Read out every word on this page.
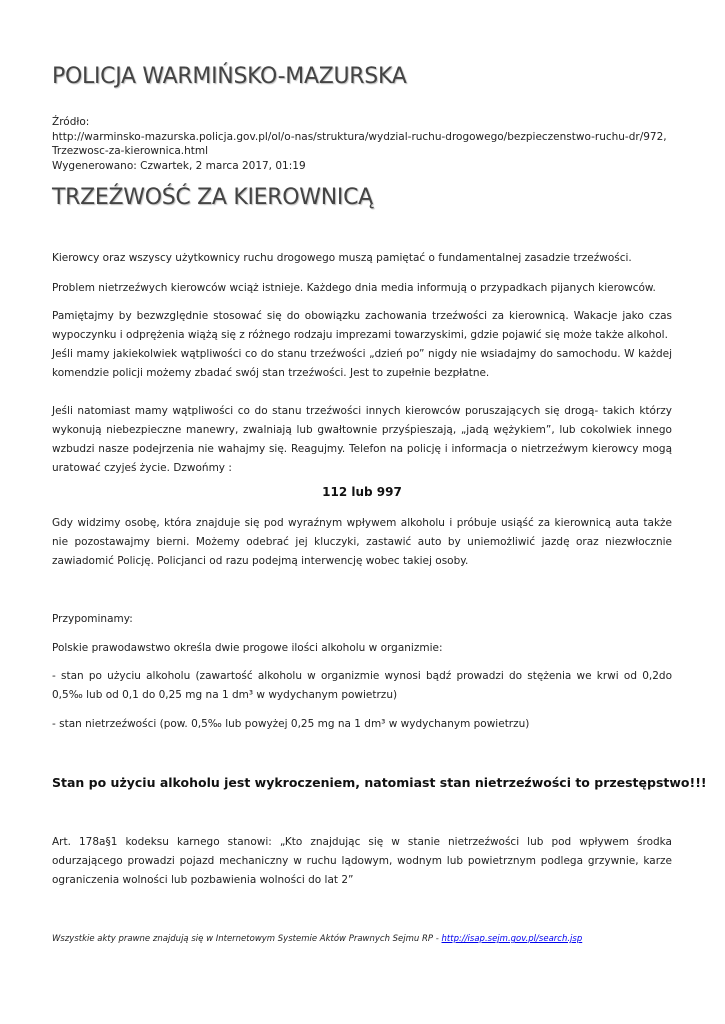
POLICJA WARMIŃSKO-MAZURSKA
Źródło:
http://warminsko-mazurska.policja.gov.pl/ol/o-nas/struktura/wydzial-ruchu-drogowego/bezpieczenstwo-ruchu-dr/972,Trzezwosc-za-kierownica.html
Wygenerowano: Czwartek, 2 marca 2017, 01:19
TRZEŹWOŚĆ ZA KIEROWNICĄ

Kierowcy oraz wszyscy użytkownicy ruchu drogowego muszą pamiętać o fundamentalnej zasadzie trzeźwości.

Problem nietrzeźwych kierowców wciąż istnieje. Każdego dnia media informują o przypadkach pijanych kierowców.

Pamiętajmy by bezwzględnie stosować się do obowiązku zachowania trzeźwości za kierownicą. Wakacje jako czas wypoczynku i odprężenia wiążą się z różnego rodzaju imprezami towarzyskimi, gdzie pojawić się może także alkohol.

Jeśli mamy jakiekolwiek wątpliwości co do stanu trzeźwości „dzień po” nigdy nie wsiadajmy do samochodu. W każdej komendzie policji możemy zbadać swój stan trzeźwości. Jest to zupełnie bezpłatne.

Jeśli natomiast mamy wątpliwości co do stanu trzeźwości innych kierowców poruszających się drogą- takich którzy wykonują niebezpieczne manewry, zwalniają lub gwałtownie przyśpieszają, „jadą wężykiem”, lub cokolwiek innego wzbudzi nasze podejrzenia nie wahajmy się. Reagujmy. Telefon na policję i informacja o nietrzeźwym kierowcy mogą uratować czyjeś życie. Dzwońmy :

112 lub 997

Gdy widzimy osobę, która znajduje się pod wyraźnym wpływem alkoholu i próbuje usiąść za kierownicą auta także nie pozostawajmy bierni. Możemy odebrać jej kluczyki, zastawić auto by uniemożliwić jazdę oraz niezwłocznie zawiadomić Policję. Policjanci od razu podejmą interwencję wobec takiej osoby.

Przypominamy:

Polskie prawodawstwo określa dwie progowe ilości alkoholu w organizmie:

- stan po użyciu alkoholu (zawartość alkoholu w organizmie wynosi bądź prowadzi do stężenia we krwi od 0,2do 0,5‰ lub od 0,1 do 0,25 mg na 1 dm³ w wydychanym powietrzu)

- stan nietrzeźwości (pow. 0,5‰ lub powyżej 0,25 mg na 1 dm³ w wydychanym powietrzu)

Stan po użyciu alkoholu jest wykroczeniem, natomiast stan nietrzeźwości to przestępstwo!!!

Art. 178a§1 kodeksu karnego stanowi: „Kto znajdując się w stanie nietrzeźwości lub pod wpływem środka odurzającego prowadzi pojazd mechaniczny w ruchu lądowym, wodnym lub powietrznym podlega grzywnie, karze ograniczenia wolności lub pozbawienia wolności do lat 2”

Wszystkie akty prawne znajdują się w Internetowym Systemie Aktów Prawnych Sejmu RP - http://isap.sejm.gov.pl/search.jsp
